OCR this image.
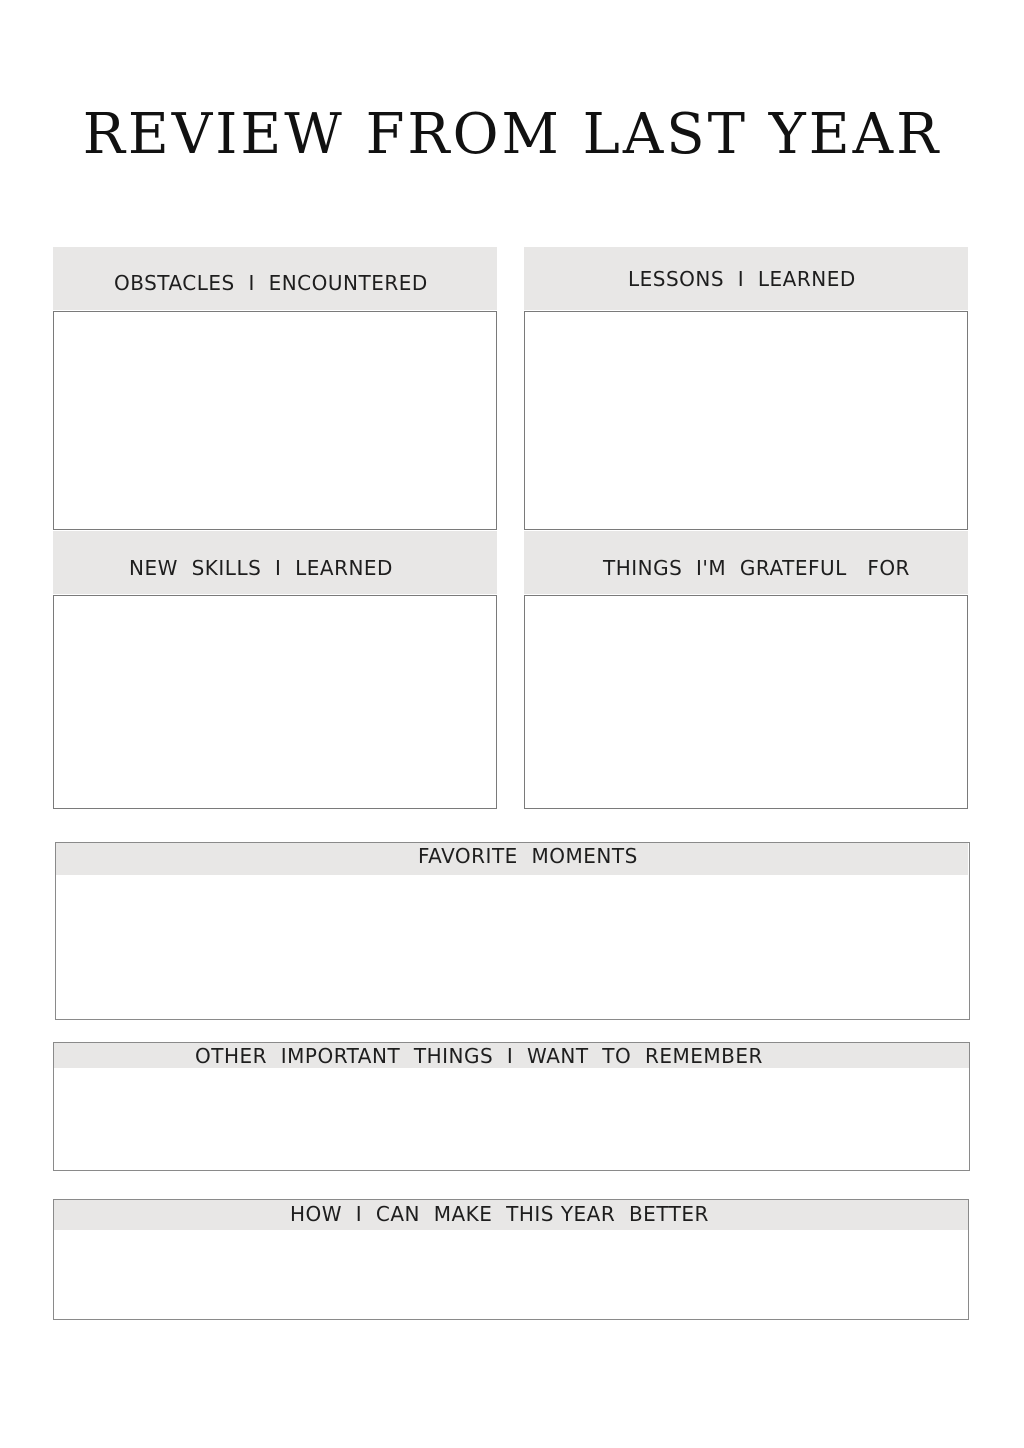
REVIEW FROM LAST YEAR

OBSTACLES  I  ENCOUNTERED

	LESSONS  I  LEARNED

NEW  SKILLS  I  LEARNED

	THINGS  I'M  GRATEFUL   FOR

FAVORITE  MOMENTS

OTHER  IMPORTANT  THINGS  I  WANT  TO  REMEMBER

HOW  I  CAN  MAKE  THIS YEAR  BETTER
